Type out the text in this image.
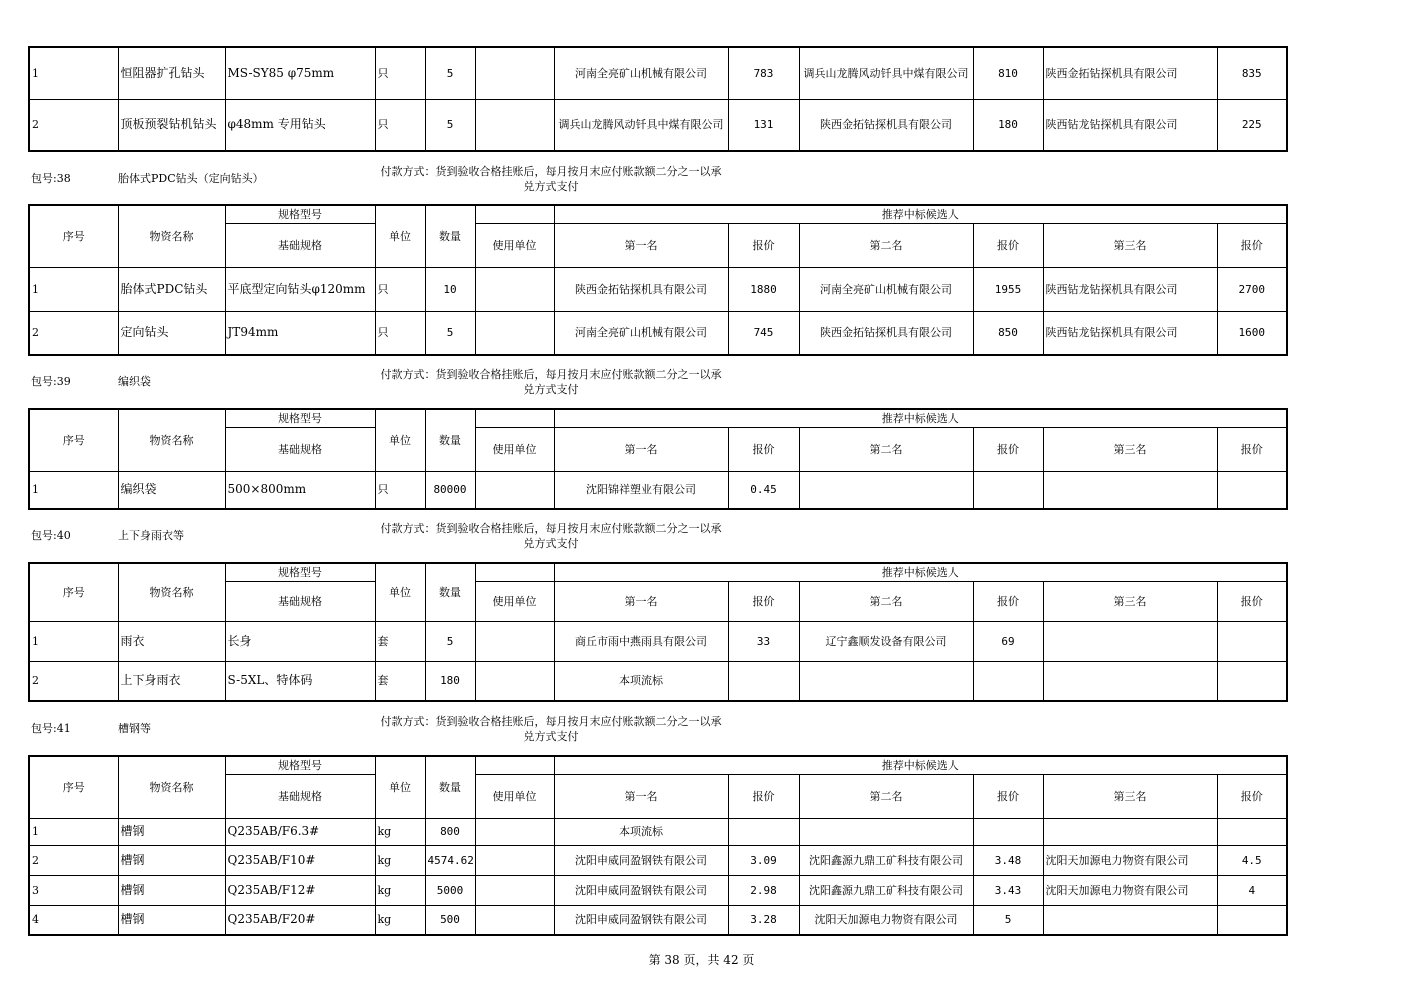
1	恒阻器扩孔钻头	MS-SY85 φ75mm	只	5		河南全亮矿山机械有限公司	783	调兵山龙腾风动钎具中煤有限公司	810	陕西金拓钻探机具有限公司	835
2	顶板预裂钻机钻头	φ48mm 专用钻头	只	5		调兵山龙腾风动钎具中煤有限公司	131	陕西金拓钻探机具有限公司	180	陕西钻龙钻探机具有限公司	225
包号:38	胎体式PDC钻头（定向钻头）
付款方式：货到验收合格挂账后，每月按月末应付账款额二分之一以承兑方式支付
序号	物资名称	规格型号	单位	数量		推荐中标候选人					
		基础规格			使用单位	第一名	报价	第二名	报价	第三名	报价
1	胎体式PDC钻头	平底型定向钻头φ120mm	只	10		陕西金拓钻探机具有限公司	1880	河南全亮矿山机械有限公司	1955	陕西钻龙钻探机具有限公司	2700
2	定向钻头	JT94mm	只	5		河南全亮矿山机械有限公司	745	陕西金拓钻探机具有限公司	850	陕西钻龙钻探机具有限公司	1600
包号:39	编织袋
付款方式：货到验收合格挂账后，每月按月末应付账款额二分之一以承兑方式支付
序号	物资名称	规格型号	单位	数量		推荐中标候选人					
		基础规格			使用单位	第一名	报价	第二名	报价	第三名	报价
1	编织袋	500×800mm	只	80000		沈阳锦祥塑业有限公司	0.45				
包号:40	上下身雨衣等
付款方式：货到验收合格挂账后，每月按月末应付账款额二分之一以承兑方式支付
序号	物资名称	规格型号	单位	数量		推荐中标候选人					
		基础规格			使用单位	第一名	报价	第二名	报价	第三名	报价
1	雨衣	长身	套	5		商丘市雨中燕雨具有限公司	33	辽宁鑫顺发设备有限公司	69		
2	上下身雨衣	S-5XL、特体码	套	180		本项流标					
包号:41	槽钢等
付款方式：货到验收合格挂账后，每月按月末应付账款额二分之一以承兑方式支付
序号	物资名称	规格型号	单位	数量		推荐中标候选人					
		基础规格			使用单位	第一名	报价	第二名	报价	第三名	报价
1	槽钢	Q235AB/F6.3#	kg	800		本项流标					
2	槽钢	Q235AB/F10#	kg	4574.62		沈阳申威同盈钢铁有限公司	3.09	沈阳鑫源九鼎工矿科技有限公司	3.48	沈阳天加源电力物资有限公司	4.5
3	槽钢	Q235AB/F12#	kg	5000		沈阳申威同盈钢铁有限公司	2.98	沈阳鑫源九鼎工矿科技有限公司	3.43	沈阳天加源电力物资有限公司	4
4	槽钢	Q235AB/F20#	kg	500		沈阳申威同盈钢铁有限公司	3.28	沈阳天加源电力物资有限公司	5		
第 38 页，共 42 页
